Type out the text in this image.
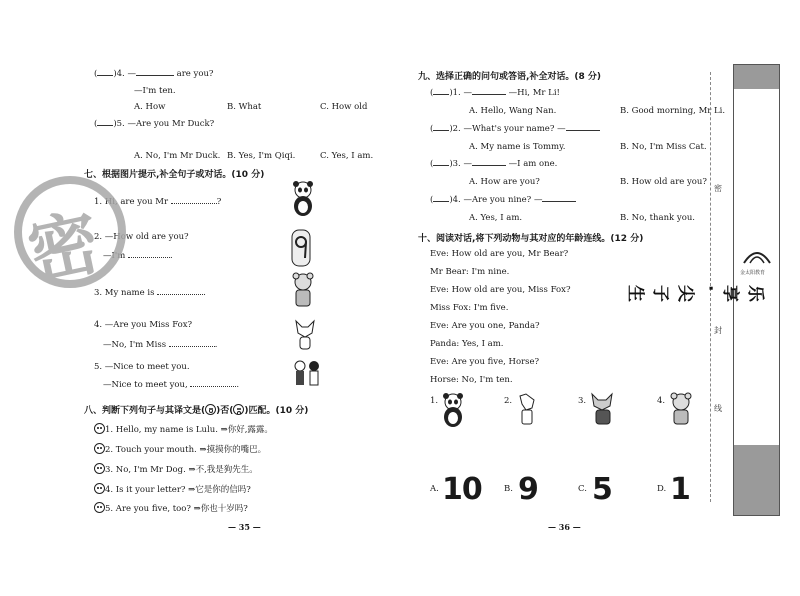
( )4. —	are you?
—I'm ten.
A. How	B. What	C. How old
( )5. —Are you Mr Duck?
A. No, I'm Mr Duck. B. Yes, I'm Qiqi.	C. Yes, I am.
七、根据图片提示,补全句子或对话。(10 分)
1. Hi, are you Mr	?
2. —How old are you?
—I'm	.
3. My name is	.
4. —Are you Miss Fox?
—No, I'm Miss	.
5. —Nice to meet you.
—Nice to meet you,	.
八、判断下列句子与其译文是( )否( )匹配。(10 分)
1. Hello, my name is Lulu. ⇒你好,露露。
2. Touch your mouth. ⇒摸摸你的嘴巴。
3. No, I'm Mr Dog. ⇒不,我是狗先生。
4. Is it your letter? ⇒它是你的信吗?
5. Are you five, too? ⇒你也十岁吗?
— 35 —
密
九、选择正确的问句或答语,补全对话。(8 分)
( )1. —	—Hi, Mr Li!
A. Hello, Wang Nan.	B. Good morning, Mr Li.
( )2. —What's your name? —
A. My name is Tommy.	B. No, I'm Miss Cat.
( )3. —	—I am one.
A. How are you?	B. How old are you?
( )4. —Are you nine? —
A. Yes, I am.	B. No, thank you.
十、阅读对话,将下列动物与其对应的年龄连线。(12 分)
Eve: How old are you, Mr Bear?
Mr Bear: I'm nine.
Eve: How old are you, Miss Fox?
Miss Fox: I'm five.
Eve: Are you one, Panda?
Panda: Yes, I am.
Eve: Are you five, Horse?
Horse: No, I'm ten.
1.	2.	3.	4.
A. 10	B. 9	C. 5	D. 1
— 36 —
密
封
线
金太阳教育
乐享·尖子生
